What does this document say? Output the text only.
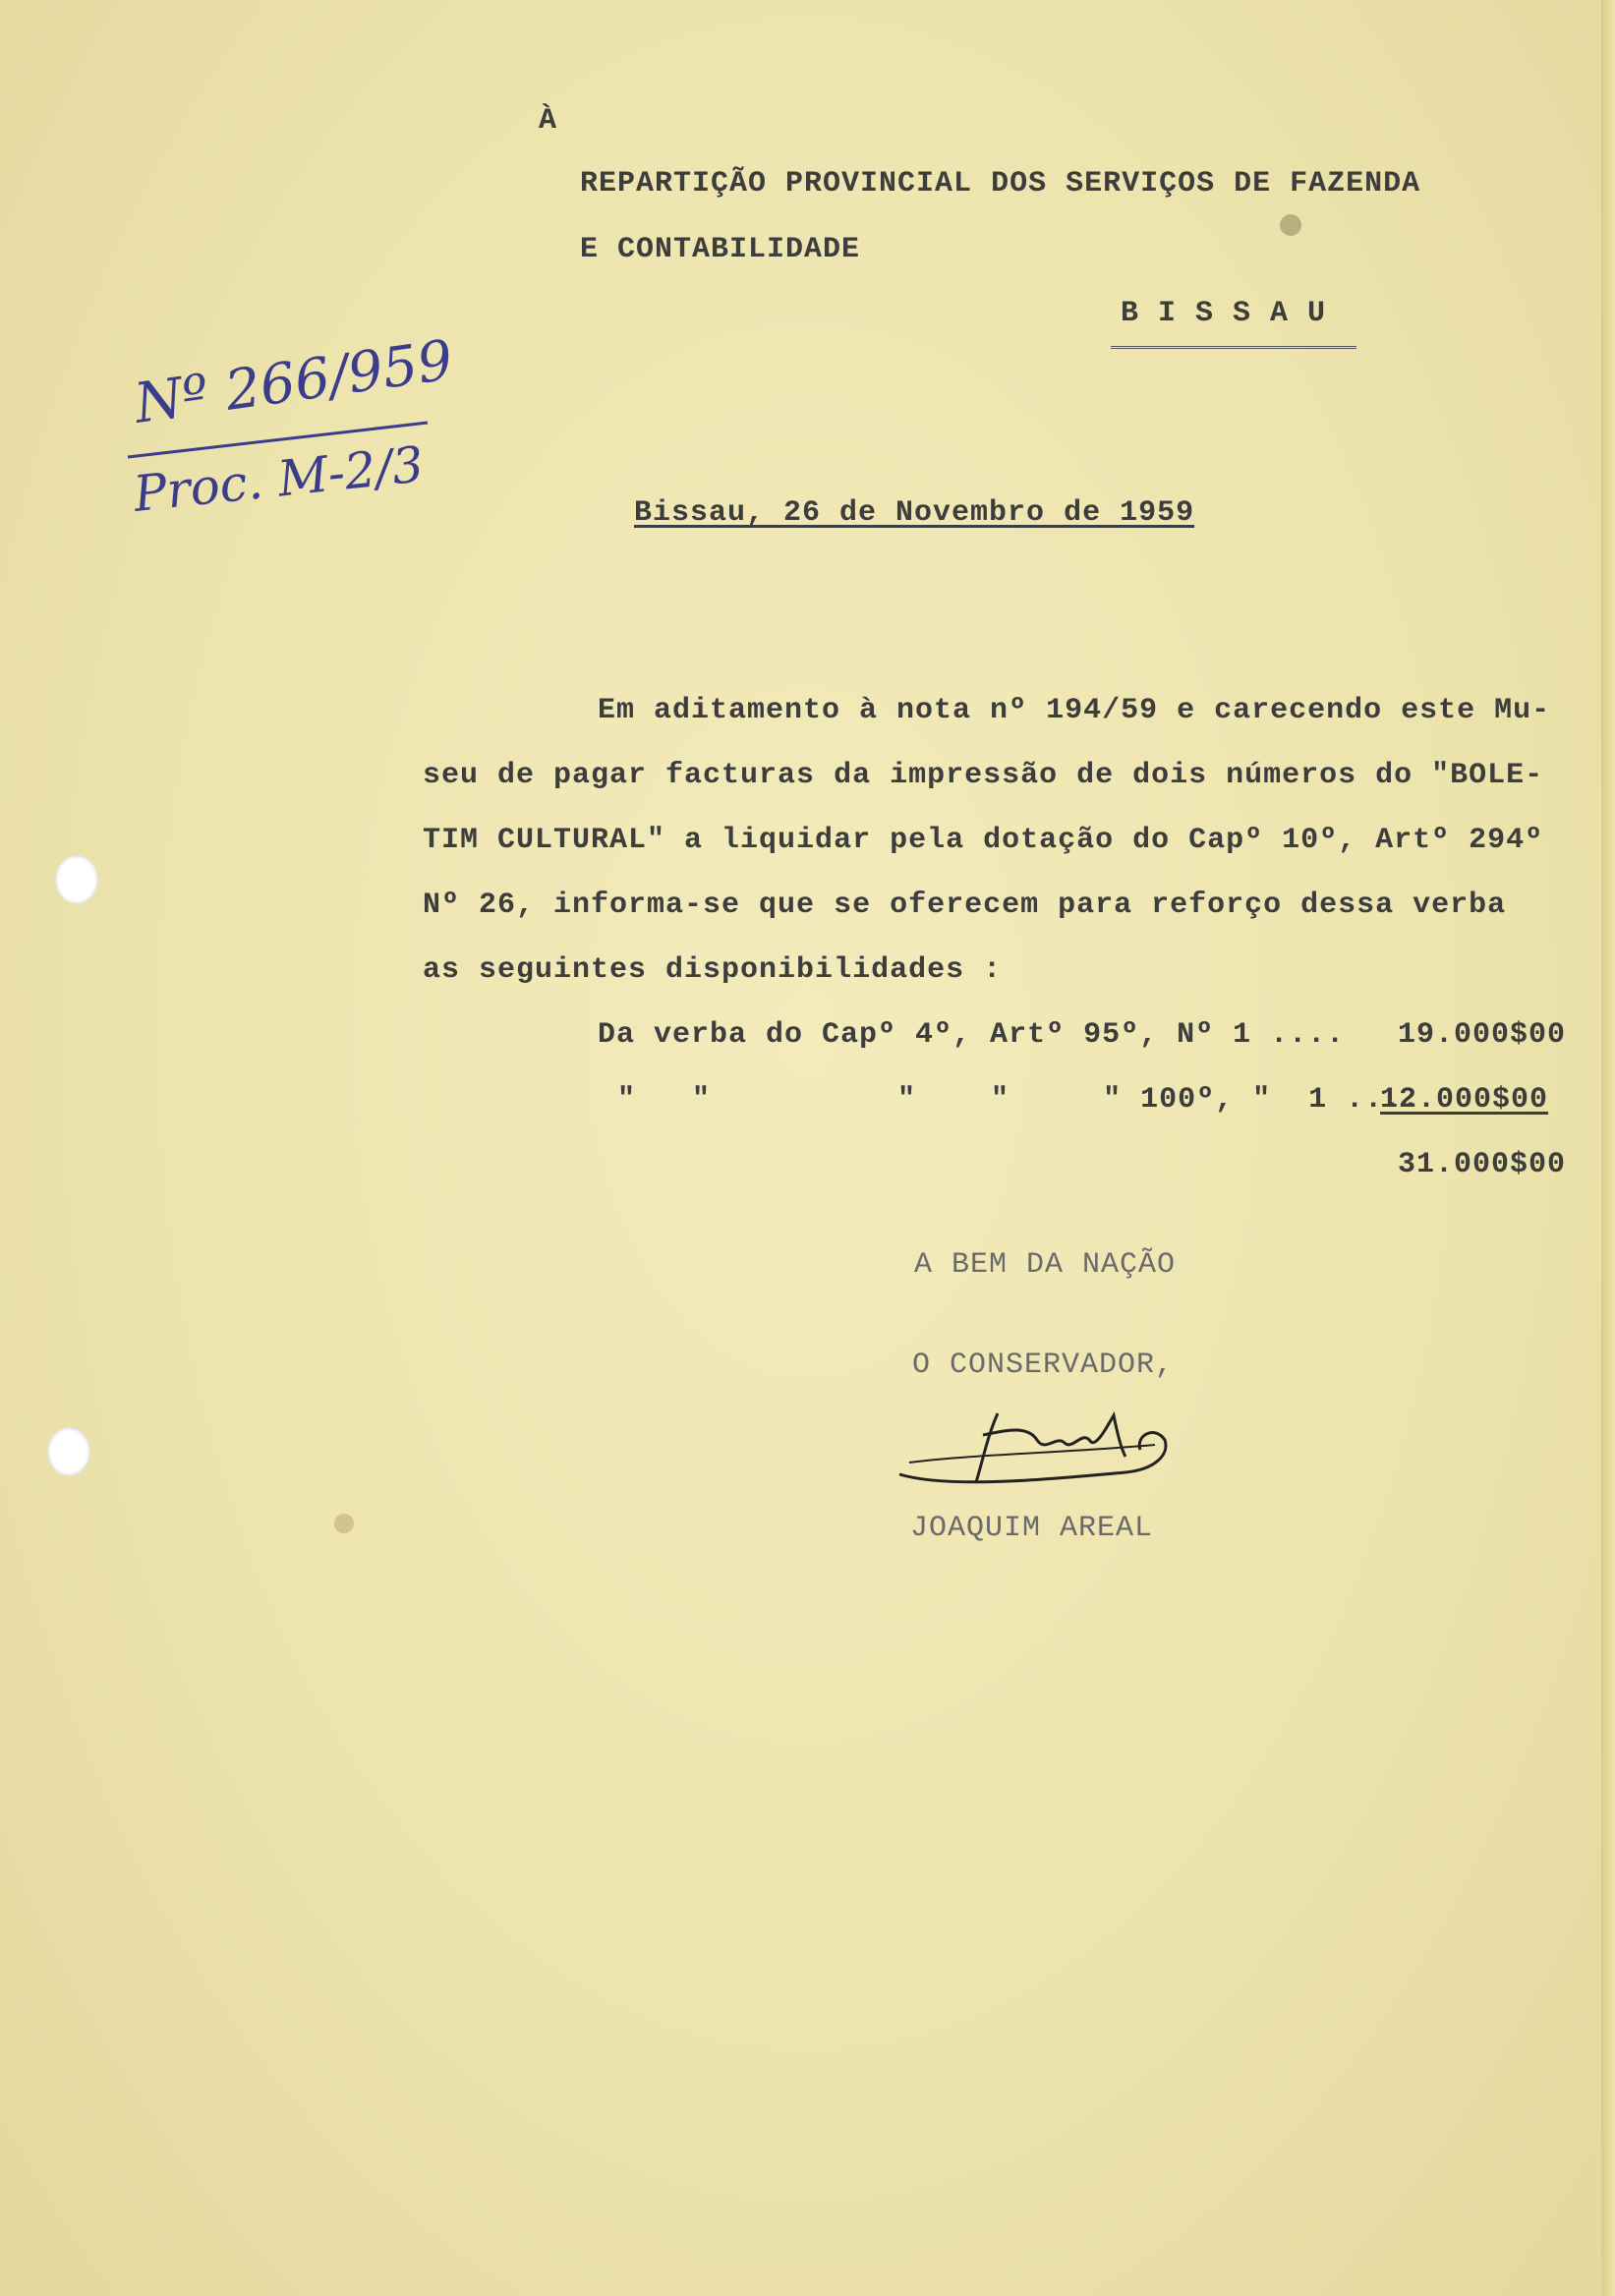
À
REPARTIÇÃO PROVINCIAL DOS SERVIÇOS DE FAZENDA
E CONTABILIDADE
B I S S A U
Nº 266/959
Proc. M-2/3	Bissau, 26 de Novembro de 1959
Em aditamento à nota nº 194/59 e carecendo este Mu-
seu de pagar facturas da impressão de dois números do "BOLE-
TIM CULTURAL" a liquidar pela dotação do Capº 10º, Artº 294º
Nº 26, informa-se que se oferecem para reforço dessa verba
as seguintes disponibilidades :
Da verba do Capº 4º, Artº 95º, Nº 1 .... 19.000$00
"   "          "    "     " 100º, "  1 ....
12.000$00
31.000$00
A BEM DA NAÇÃO
O CONSERVADOR,
JOAQUIM AREAL
